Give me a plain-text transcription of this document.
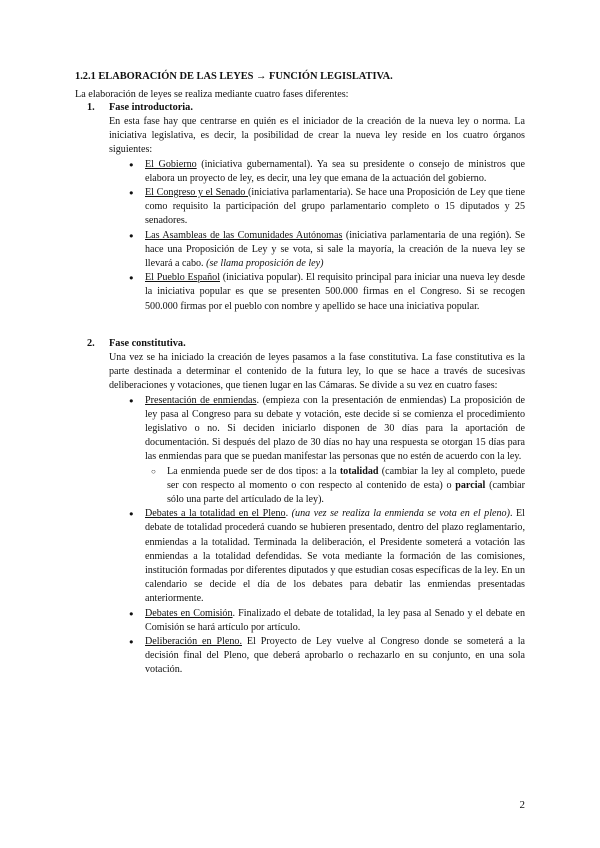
1.2.1 ELABORACIÓN DE LAS LEYES → FUNCIÓN LEGISLATIVA.
La elaboración de leyes se realiza mediante cuatro fases diferentes:
1. Fase introductoria.
En esta fase hay que centrarse en quién es el iniciador de la creación de la nueva ley o norma. La iniciativa legislativa, es decir, la posibilidad de crear la nueva ley reside en los cuatro órganos siguientes:
● El Gobierno (iniciativa gubernamental). Ya sea su presidente o consejo de ministros que elabora un proyecto de ley, es decir, una ley que emana de la actuación del gobierno.
● El Congreso y el Senado (iniciativa parlamentaria). Se hace una Proposición de Ley que tiene como requisito la participación del grupo parlamentario completo o 15 diputados y 25 senadores.
● Las Asambleas de las Comunidades Autónomas (iniciativa parlamentaria de una región). Se hace una Proposición de Ley y se vota, si sale la mayoría, la creación de la nueva ley se llevará a cabo. (se llama proposición de ley)
● El Pueblo Español (iniciativa popular). El requisito principal para iniciar una nueva ley desde la iniciativa popular es que se presenten 500.000 firmas en el Congreso. Si se recogen 500.000 firmas por el pueblo con nombre y apellido se hace una iniciativa popular.
2. Fase constitutiva.
Una vez se ha iniciado la creación de leyes pasamos a la fase constitutiva. La fase constitutiva es la parte destinada a determinar el contenido de la futura ley, lo que se hace a través de sucesivas deliberaciones y votaciones, que tienen lugar en las Cámaras. Se divide a su vez en cuatro fases:
● Presentación de enmiendas. (empieza con la presentación de enmiendas) La proposición de ley pasa al Congreso para su debate y votación, este decide si se comienza el procedimiento legislativo o no. Si deciden iniciarlo disponen de 30 días para la aportación de documentación. Si después del plazo de 30 días no hay una respuesta se otorgan 15 días para las enmiendas para que se puedan manifestar las personas que no estén de acuerdo con la ley.
○ La enmienda puede ser de dos tipos: a la totalidad (cambiar la ley al completo, puede ser con respecto al momento o con respecto al contenido de esta) o parcial (cambiar sólo una parte del artículado de la ley).
● Debates a la totalidad en el Pleno. (una vez se realiza la enmienda se vota en el pleno). El debate de totalidad procederá cuando se hubieren presentado, dentro del plazo reglamentario, enmiendas a la totalidad. Terminada la deliberación, el Presidente someterá a votación las enmiendas a la totalidad defendidas. Se vota mediante la formación de las comisiones, institución formadas por diferentes diputados y que estudian cosas específicas de la ley. En un calendario se decide el día de los debates para debatir las enmiendas presentadas anteriormente.
● Debates en Comisión. Finalizado el debate de totalidad, la ley pasa al Senado y el debate en Comisión se hará artículo por artículo.
● Deliberación en Pleno. El Proyecto de Ley vuelve al Congreso donde se someterá a la decisión final del Pleno, que deberá aprobarlo o rechazarlo en su conjunto, en una sola votación.
2
